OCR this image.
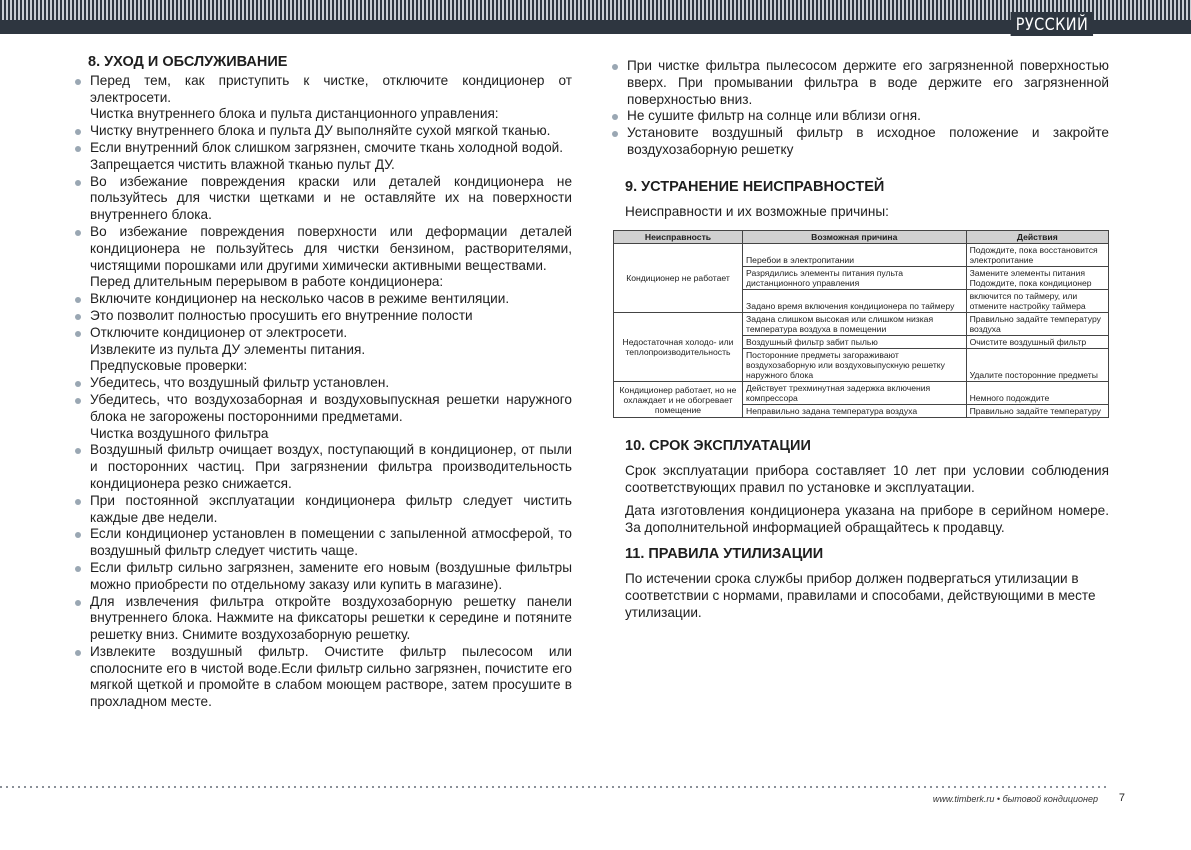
РУССКИЙ
8. УХОД И ОБСЛУЖИВАНИЕ

Перед тем, как приступить к чистке, отключите кондиционер от электросети.

Чистка внутреннего блока и пульта дистанционного управления:

Чистку внутреннего блока и пульта ДУ выполняйте сухой мягкой тканью.

Если внутренний блок слишком загрязнен, смочите ткань холодной водой.

Запрещается чистить влажной тканью пульт ДУ.

Во избежание повреждения краски или деталей кондиционера не пользуйтесь для чистки щетками и не оставляйте их на поверхности внутреннего блока.

Во избежание повреждения поверхности или деформации деталей кондиционера не пользуйтесь для чистки бензином, растворителями, чистящими порошками или другими химически активными веществами.

Перед длительным перерывом в работе кондиционера:

Включите кондиционер на несколько часов в режиме вентиляции.

Это позволит полностью просушить его внутренние полости

Отключите кондиционер от электросети.

Извлеките из пульта ДУ элементы питания.

Предпусковые проверки:

Убедитесь, что воздушный фильтр установлен.

Убедитесь, что воздухозаборная и воздуховыпускная решетки наружного блока не загорожены посторонними предметами.

Чистка воздушного фильтра

Воздушный фильтр очищает воздух, поступающий в кондиционер, от пыли и посторонних частиц. При загрязнении фильтра производительность кондиционера резко снижается.

При постоянной эксплуатации кондиционера фильтр следует чистить каждые две недели.

Если кондиционер установлен в помещении с запыленной атмосферой, то воздушный фильтр следует чистить чаще.

Если фильтр сильно загрязнен, замените его новым (воздушные фильтры можно приобрести по отдельному заказу или купить в магазине).

Для извлечения фильтра откройте воздухозаборную решетку панели внутреннего блока. Нажмите на фиксаторы решетки к середине и потяните решетку вниз. Снимите воздухозаборную решетку.

Извлеките воздушный фильтр. Очистите фильтр пылесосом или сполосните его в чистой воде.Если фильтр сильно загрязнен, почистите его мягкой щеткой и промойте в слабом моющем растворе, затем просушите в прохладном месте.

При чистке фильтра пылесосом держите его загрязненной поверхностью вверх. При промывании фильтра в воде держите его загрязненной поверхностью вниз.

Не сушите фильтр на солнце или вблизи огня.

Установите воздушный фильтр в исходное положение и закройте воздухозаборную решетку

9. УСТРАНЕНИЕ НЕИСПРАВНОСТЕЙ

Неисправности и их возможные причины:

Неисправность	Возможная причина	Действия
Кондиционер не работает	Перебои в электропитании	Подождите, пока восстановится электропитание
	Разрядились элементы питания пульта дистанционного управления	Замените элементы питания Подождите, пока кондиционер
	Задано время включения кондиционера по таймеру	включится по таймеру, или отмените настройку таймера
Недостаточная холодо- или теплопроизводительность	Задана слишком высокая или слишком низкая температура воздуха в помещении	Правильно задайте температуру воздуха
	Воздушный фильтр забит пылью	Очистите воздушный фильтр
	Посторонние предметы загораживают воздухозаборную или воздуховыпускную решетку наружного блока	Удалите посторонние предметы
Кондиционер работает, но не охлаждает и не обогревает помещение	Действует трехминутная задержка включения компрессора	Немного подождите
	Неправильно задана температура воздуха	Правильно задайте температуру
10. СРОК ЭКСПЛУАТАЦИИ

Срок эксплуатации прибора составляет 10 лет при условии соблюдения соответствующих правил по установке и эксплуатации.

Дата изготовления кондиционера указана на приборе в серийном номере. За дополнительной информацией обращайтесь к продавцу.

11. ПРАВИЛА УТИЛИЗАЦИИ

По истечении срока службы прибор должен подвергаться утилизации в соответствии с нормами, правилами и способами, действующими в месте утилизации.

www.timberk.ru • бытовой кондиционер 7
